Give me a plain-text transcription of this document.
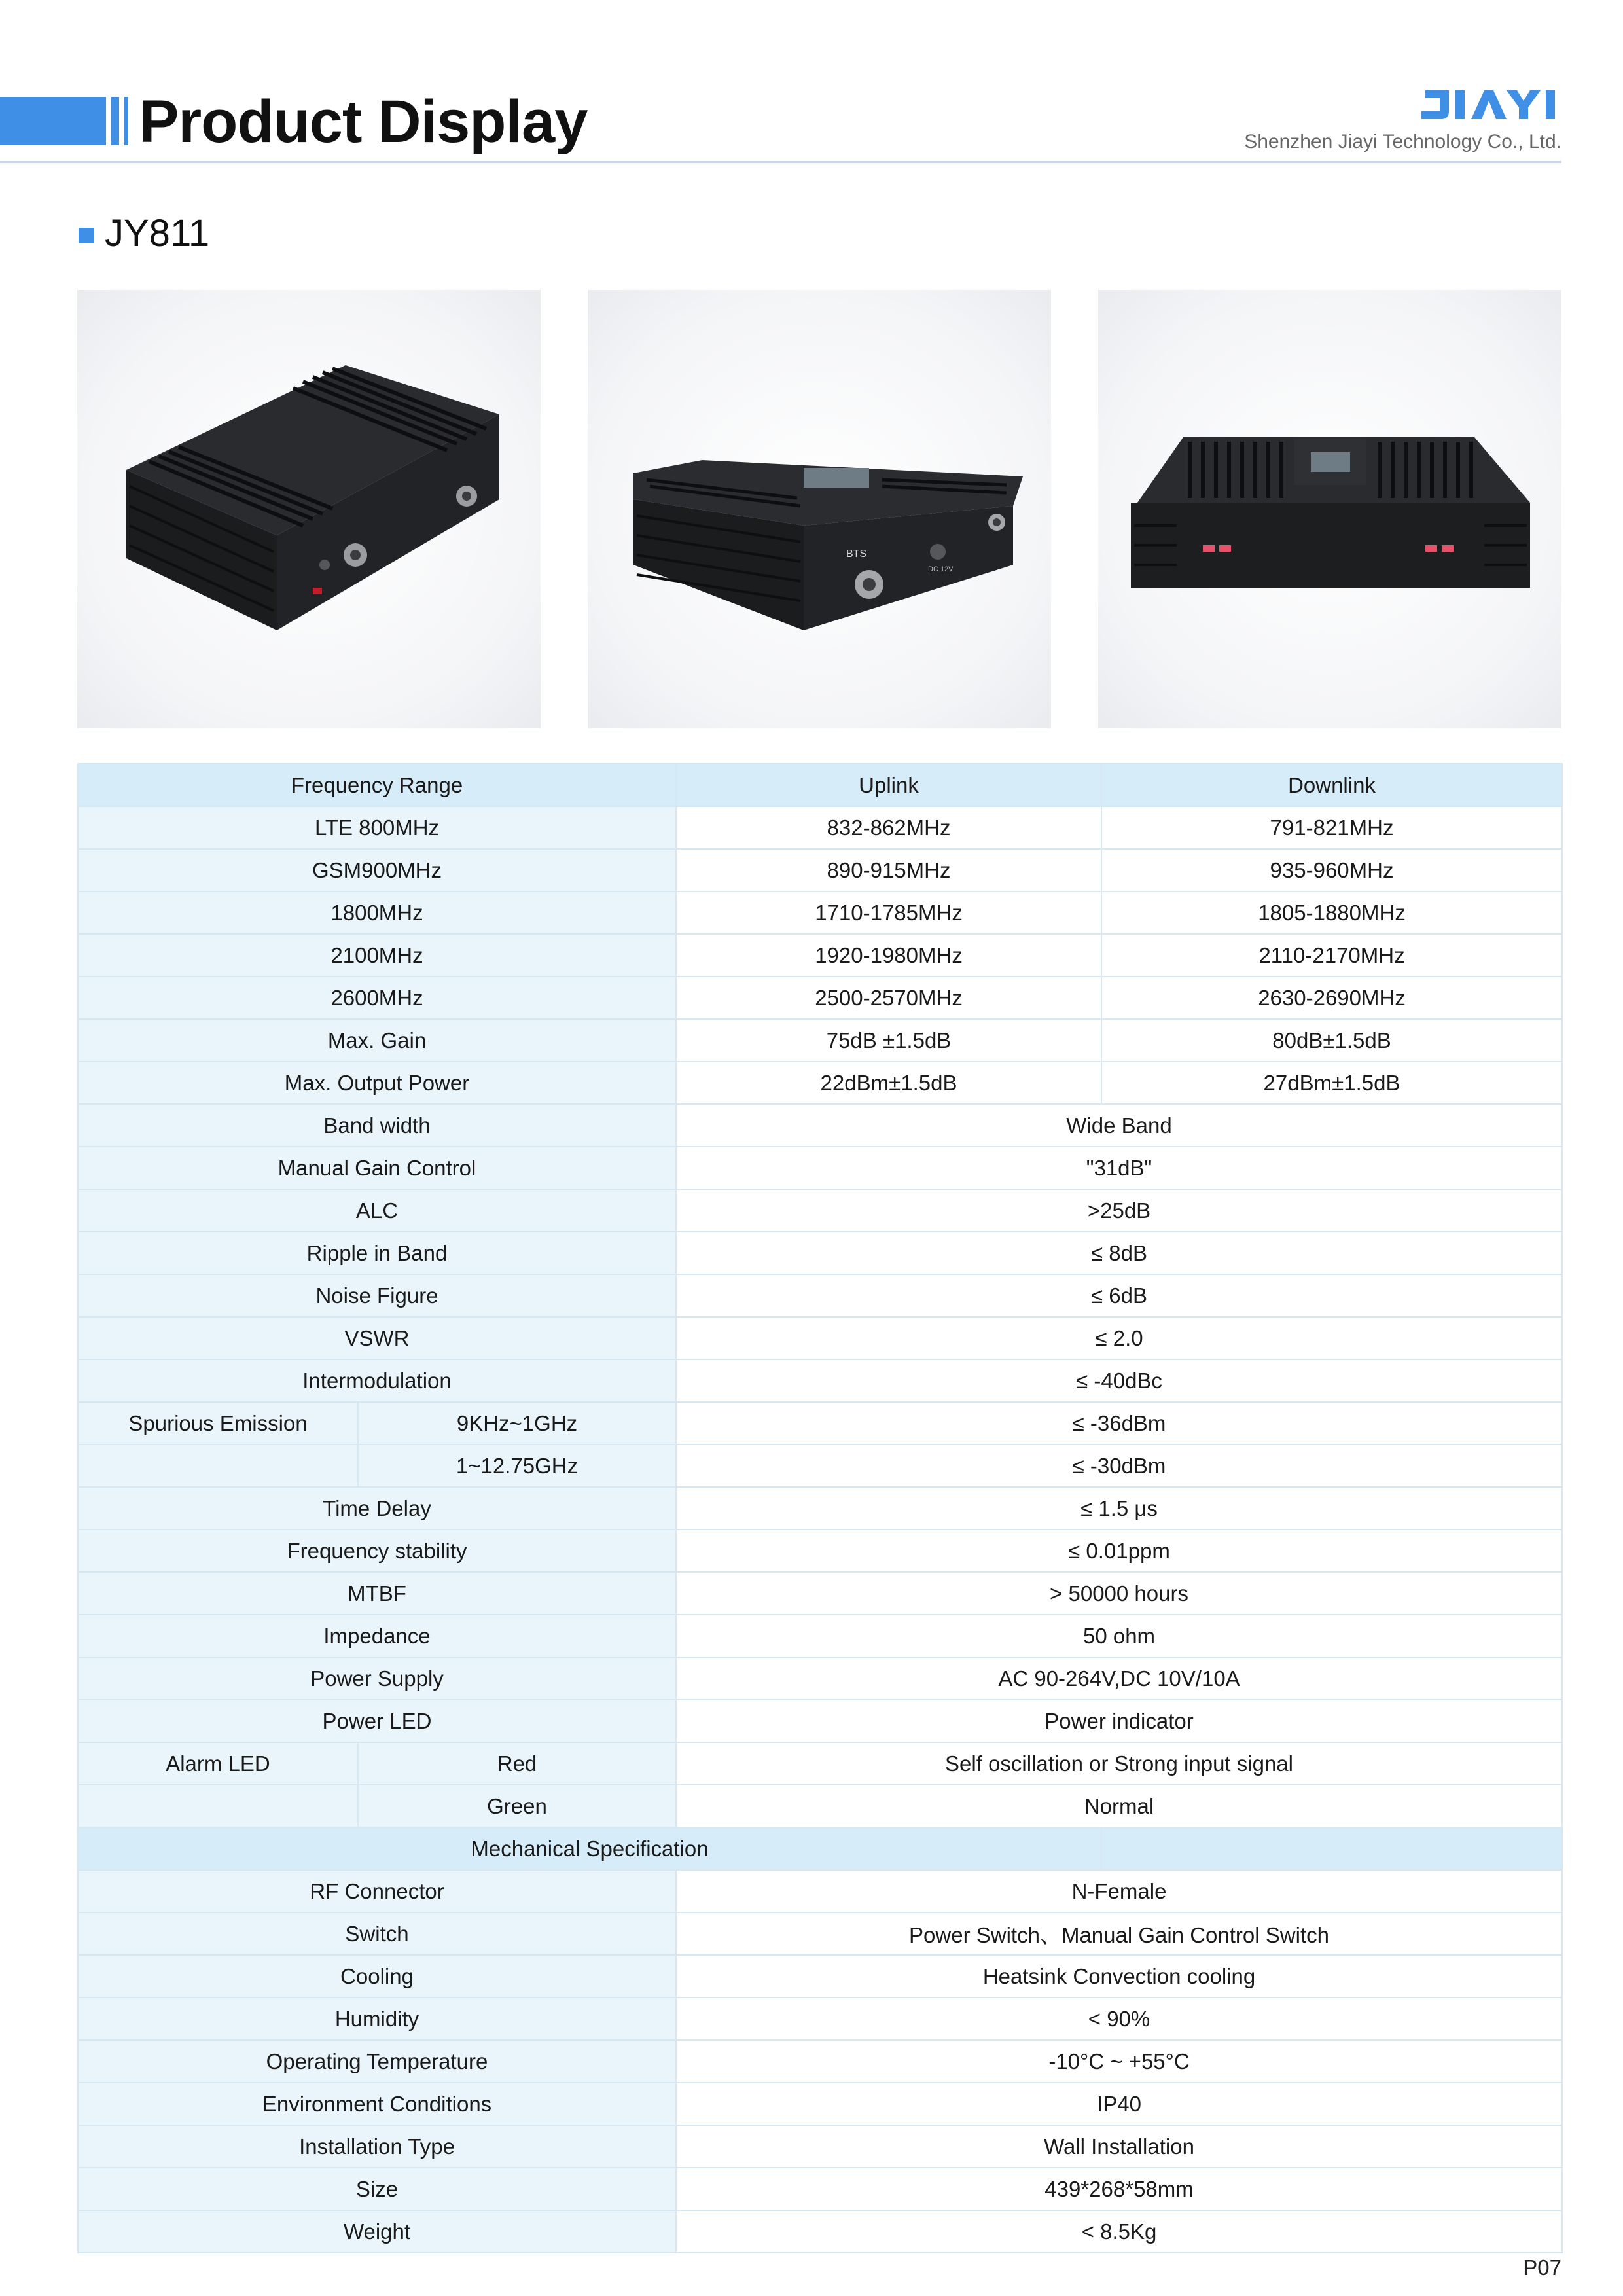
Product Display	Shenzhen Jiayi Technology Co., Ltd.
JY811
BTS
DC 12V
Frequency Range		Uplink	Downlink
LTE 800MHz		832-862MHz	791-821MHz
GSM900MHz		890-915MHz	935-960MHz
1800MHz		1710-1785MHz	1805-1880MHz
2100MHz		1920-1980MHz	2110-2170MHz
2600MHz		2500-2570MHz	2630-2690MHz
Max. Gain		75dB ±1.5dB	80dB±1.5dB
Max. Output Power		22dBm±1.5dB	27dBm±1.5dB
Band width		Wide Band	
Manual Gain Control		"31dB"	
ALC		>25dB	
Ripple in Band		≤ 8dB	
Noise Figure		≤ 6dB	
VSWR		≤ 2.0	
Intermodulation		≤ -40dBc	
Spurious Emission	9KHz~1GHz	≤ -36dBm	
	1~12.75GHz	≤ -30dBm	
Time Delay		≤ 1.5 μs	
Frequency stability		≤ 0.01ppm	
MTBF		> 50000 hours	
Impedance		50 ohm	
Power Supply		AC 90-264V,DC 10V/10A	
Power LED		Power indicator	
Alarm LED	Red	Self oscillation or Strong input signal	
	Green	Normal	
Mechanical Specification			
RF Connector		N-Female	
Switch		Power Switch、Manual Gain Control Switch	
Cooling		Heatsink Convection cooling	
Humidity		< 90%	
Operating Temperature		-10°C ~ +55°C	
Environment Conditions		IP40	
Installation Type		Wall Installation	
Size		439*268*58mm	
Weight		< 8.5Kg	
P07
